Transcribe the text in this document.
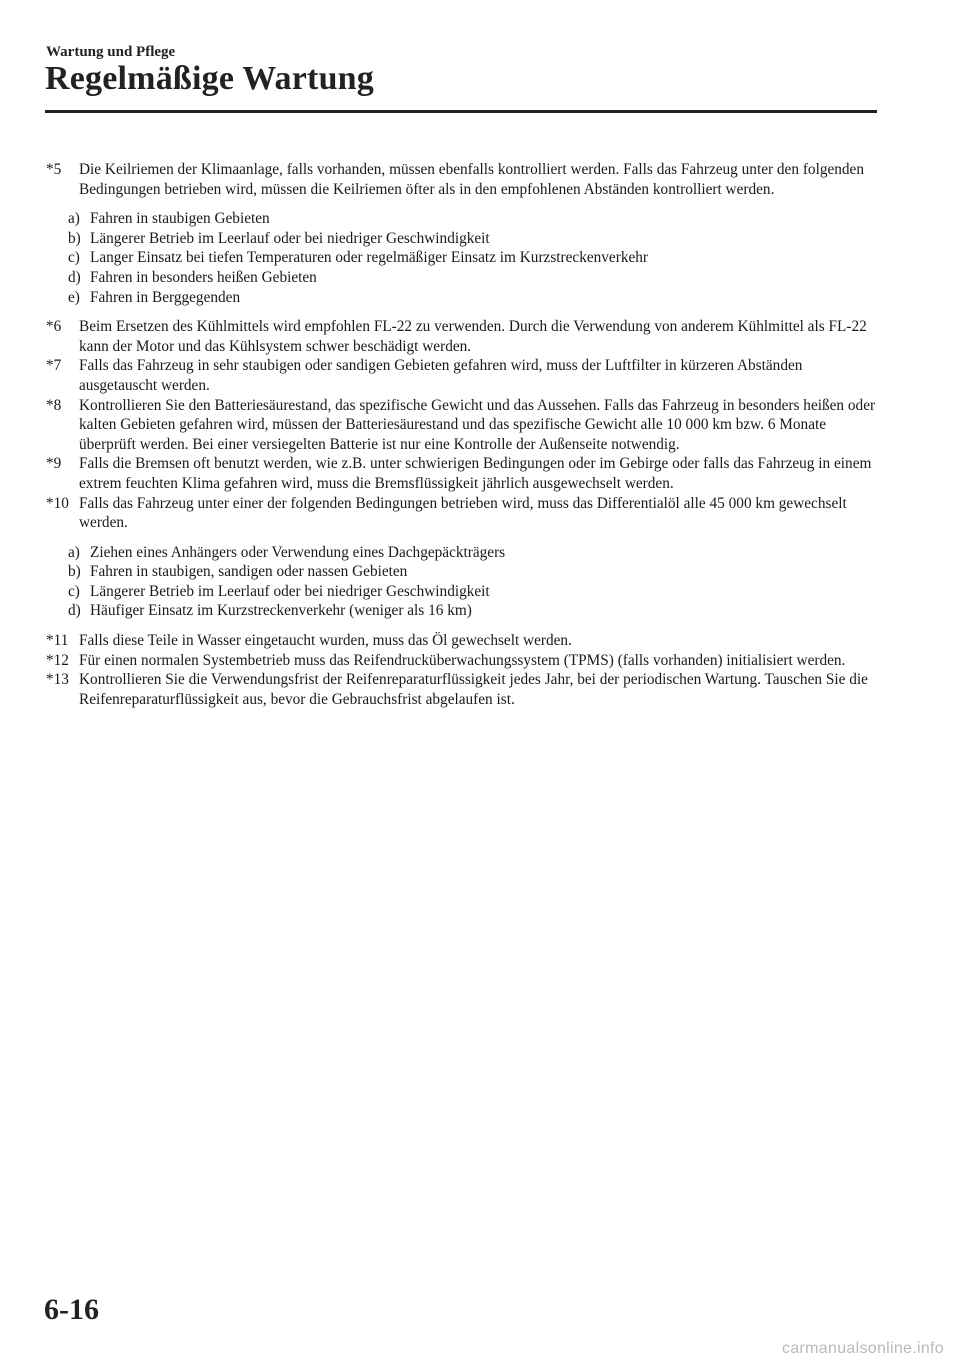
Wartung und Pflege
Regelmäßige Wartung
*5	Die Keilriemen der Klimaanlage, falls vorhanden, müssen ebenfalls kontrolliert werden. Falls das Fahrzeug unter den folgenden Bedingungen betrieben wird, müssen die Keilriemen öfter als in den empfohlenen Abständen kontrolliert werden.
a) Fahren in staubigen Gebieten
b) Längerer Betrieb im Leerlauf oder bei niedriger Geschwindigkeit
c) Langer Einsatz bei tiefen Temperaturen oder regelmäßiger Einsatz im Kurzstreckenverkehr
d) Fahren in besonders heißen Gebieten
e) Fahren in Berggegenden
*6	Beim Ersetzen des Kühlmittels wird empfohlen FL-22 zu verwenden. Durch die Verwendung von anderem Kühlmittel als FL-22 kann der Motor und das Kühlsystem schwer beschädigt werden.
*7	Falls das Fahrzeug in sehr staubigen oder sandigen Gebieten gefahren wird, muss der Luftfilter in kürzeren Abständen ausgetauscht werden.
*8	Kontrollieren Sie den Batteriesäurestand, das spezifische Gewicht und das Aussehen. Falls das Fahrzeug in besonders heißen oder kalten Gebieten gefahren wird, müssen der Batteriesäurestand und das spezifische Gewicht alle 10 000 km bzw. 6 Monate überprüft werden. Bei einer versiegelten Batterie ist nur eine Kontrolle der Außenseite notwendig.
*9	Falls die Bremsen oft benutzt werden, wie z.B. unter schwierigen Bedingungen oder im Gebirge oder falls das Fahrzeug in einem extrem feuchten Klima gefahren wird, muss die Bremsflüssigkeit jährlich ausgewechselt werden.
*10 Falls das Fahrzeug unter einer der folgenden Bedingungen betrieben wird, muss das Differentialöl alle 45 000 km gewechselt werden.
a) Ziehen eines Anhängers oder Verwendung eines Dachgepäckträgers
b) Fahren in staubigen, sandigen oder nassen Gebieten
c) Längerer Betrieb im Leerlauf oder bei niedriger Geschwindigkeit
d) Häufiger Einsatz im Kurzstreckenverkehr (weniger als 16 km)
*11 Falls diese Teile in Wasser eingetaucht wurden, muss das Öl gewechselt werden.
*12 Für einen normalen Systembetrieb muss das Reifendrucküberwachungssystem (TPMS) (falls vorhanden) initialisiert werden.
*13 Kontrollieren Sie die Verwendungsfrist der Reifenreparaturflüssigkeit jedes Jahr, bei der periodischen Wartung. Tauschen Sie die Reifenreparaturflüssigkeit aus, bevor die Gebrauchsfrist abgelaufen ist.
6-16
carmanualsonline.info
